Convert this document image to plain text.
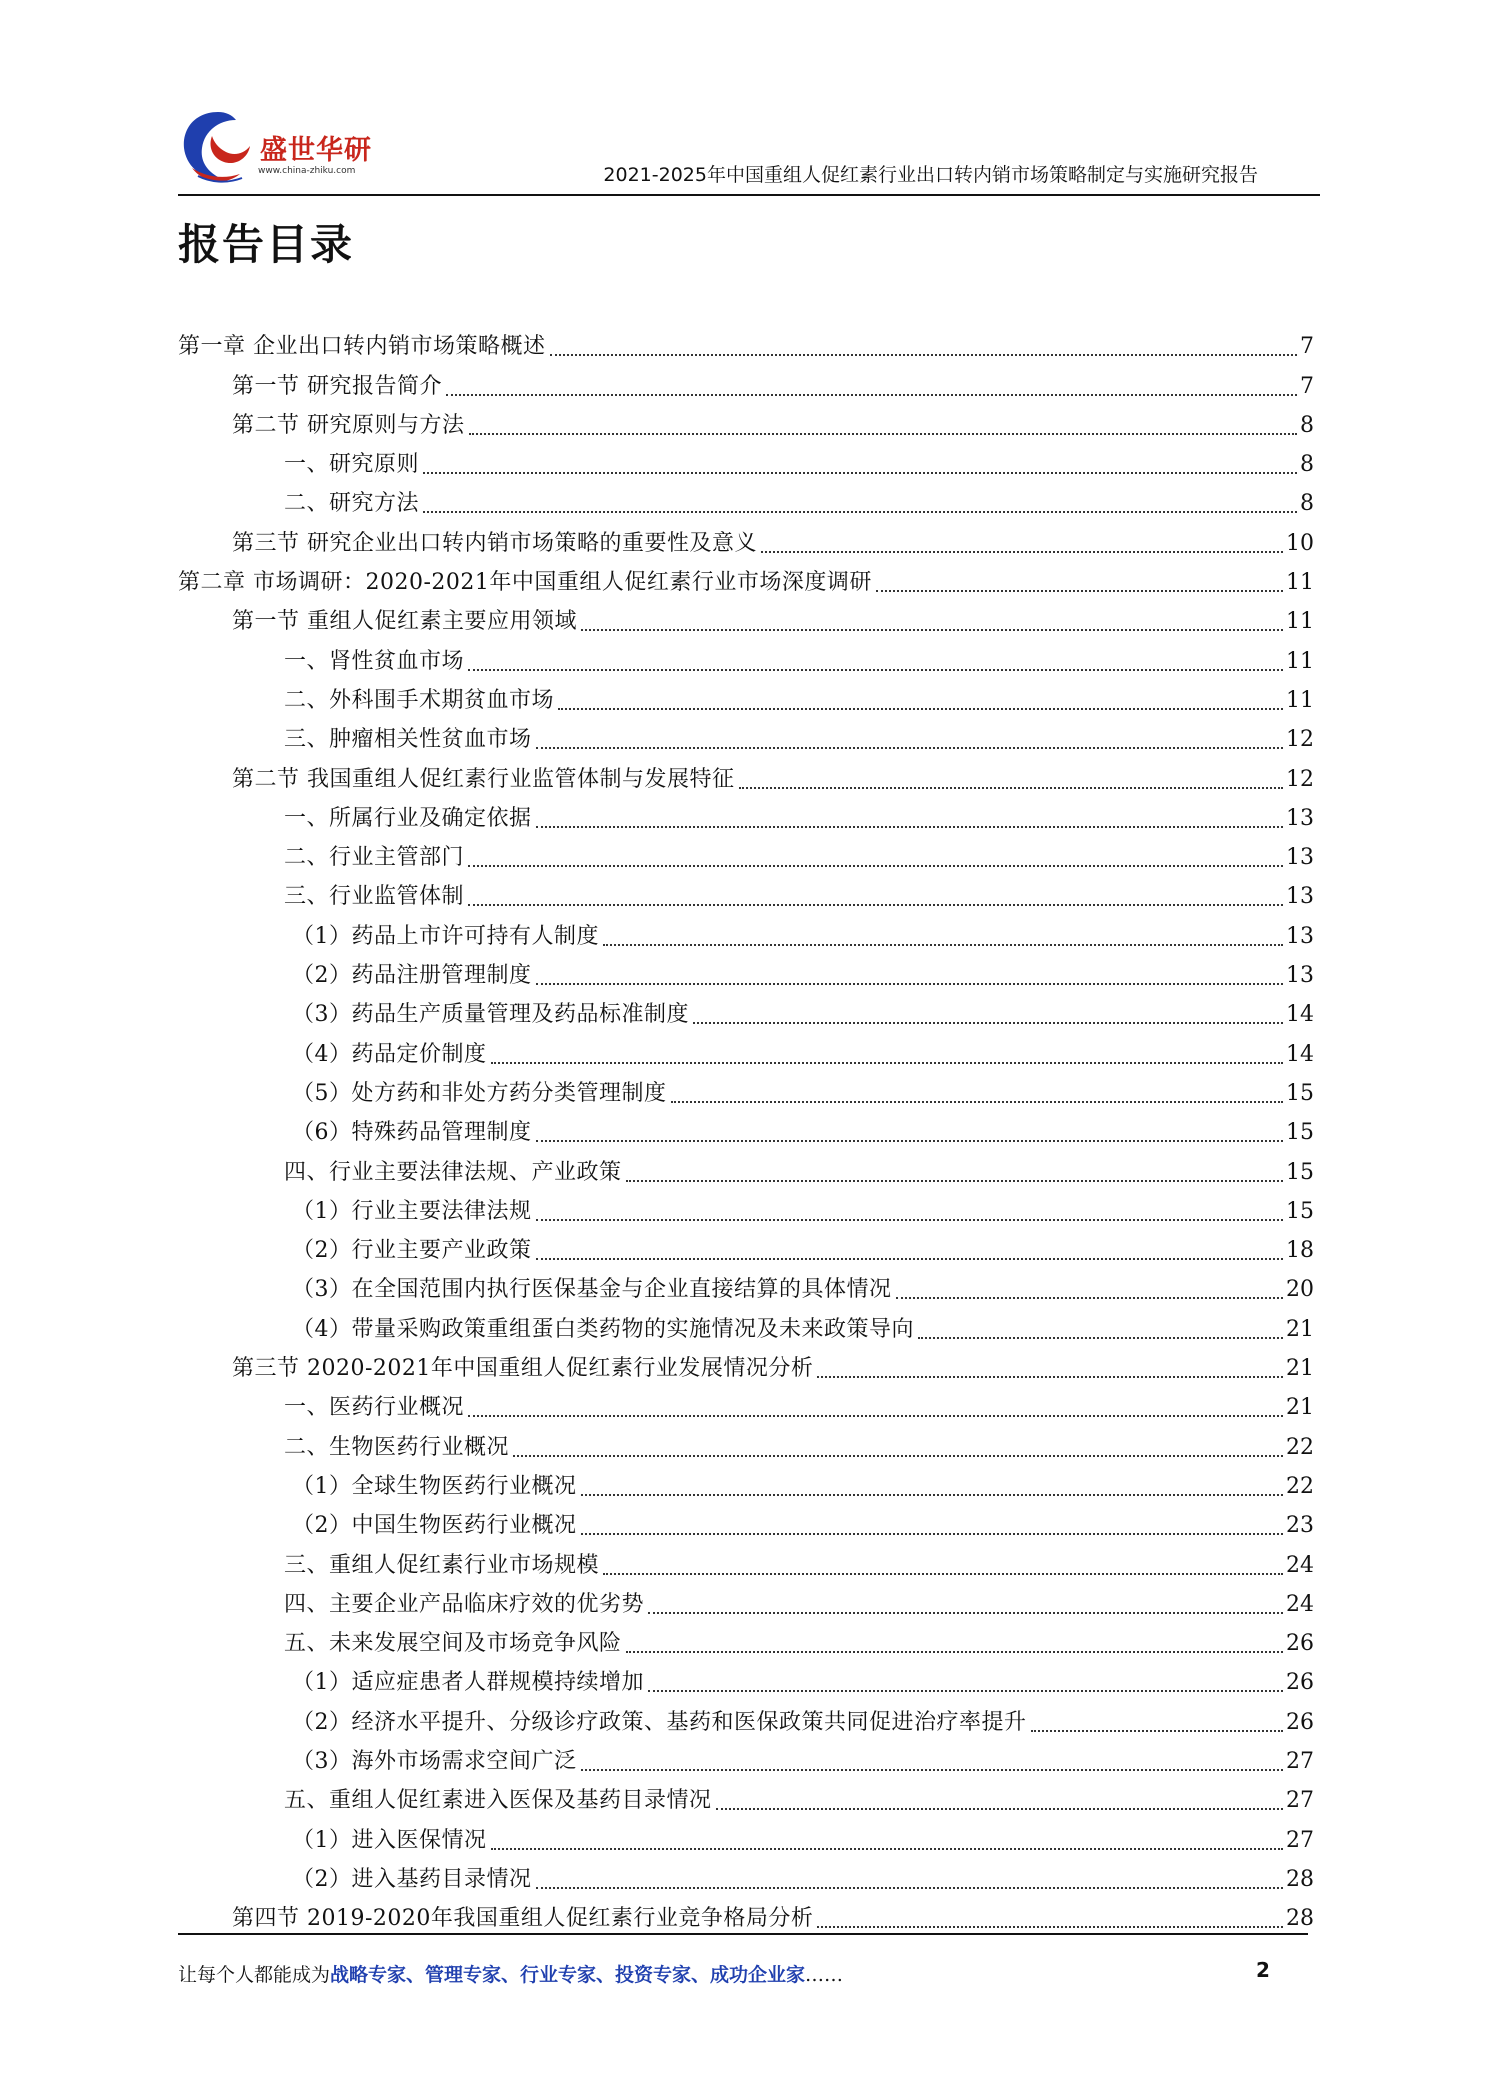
盛世华研
www.china-zhiku.com	2021-2025年中国重组人促红素行业出口转内销市场策略制定与实施研究报告
报告目录
第一章 企业出口转内销市场策略概述	7
第一节 研究报告简介	7
第二节 研究原则与方法	8
一、研究原则	8
二、研究方法	8
第三节 研究企业出口转内销市场策略的重要性及意义	10
第二章 市场调研：2020-2021年中国重组人促红素行业市场深度调研	11
第一节 重组人促红素主要应用领域	11
一、肾性贫血市场	11
二、外科围手术期贫血市场	11
三、肿瘤相关性贫血市场	12
第二节 我国重组人促红素行业监管体制与发展特征	12
一、所属行业及确定依据	13
二、行业主管部门	13
三、行业监管体制	13
（1）药品上市许可持有人制度	13
（2）药品注册管理制度	13
（3）药品生产质量管理及药品标准制度	14
（4）药品定价制度	14
（5）处方药和非处方药分类管理制度	15
（6）特殊药品管理制度	15
四、行业主要法律法规、产业政策	15
（1）行业主要法律法规	15
（2）行业主要产业政策	18
（3）在全国范围内执行医保基金与企业直接结算的具体情况	20
（4）带量采购政策重组蛋白类药物的实施情况及未来政策导向	21
第三节 2020-2021年中国重组人促红素行业发展情况分析	21
一、医药行业概况	21
二、生物医药行业概况	22
（1）全球生物医药行业概况	22
（2）中国生物医药行业概况	23
三、重组人促红素行业市场规模	24
四、主要企业产品临床疗效的优劣势	24
五、未来发展空间及市场竞争风险	26
（1）适应症患者人群规模持续增加	26
（2）经济水平提升、分级诊疗政策、基药和医保政策共同促进治疗率提升	26
（3）海外市场需求空间广泛	27
五、重组人促红素进入医保及基药目录情况	27
（1）进入医保情况	27
（2）进入基药目录情况	28
第四节 2019-2020年我国重组人促红素行业竞争格局分析	28
让每个人都能成为战略专家、管理专家、行业专家、投资专家、成功企业家……	2
